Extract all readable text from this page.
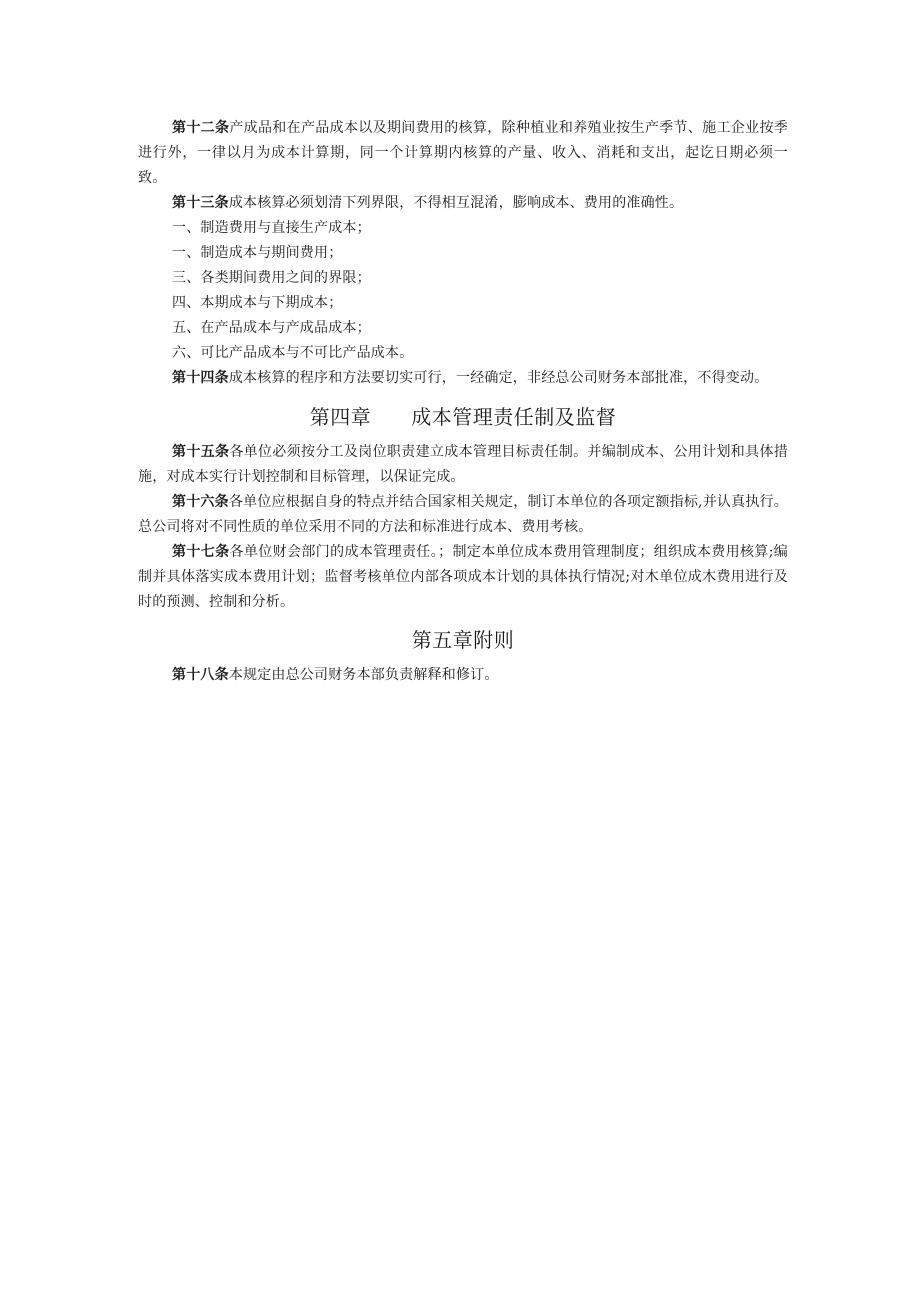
第十二条产成品和在产品成本以及期间费用的核算，除种植业和养殖业按生产季节、施工企业按季进行外，一律以月为成本计算期，同一个计算期内核算的产量、收入、消耗和支出，起讫日期必须一致。

第十三条成本核算必须划清下列界限，不得相互混淆，膨响成本、费用的准确性。

一、制造费用与直接生产成本；

一、制造成本与期间费用；

三、各类期间费用之间的界限；

四、本期成本与下期成本；

五、在产品成本与产成品成本；

六、可比产品成本与不可比产品成本。

第十四条成本核算的程序和方法要切实可行，一经确定，非经总公司财务本部批准，不得变动。

第四章 成本管理责任制及监督

第十五条各单位必须按分工及岗位职责建立成本管理目标责任制。并编制成本、公用计划和具体措施，对成本实行计划控制和目标管理，以保证完成。

第十六条各单位应根据自身的特点并结合国家相关规定，制订本单位的各项定额指标,并认真执行。总公司将对不同性质的单位采用不同的方法和标准进行成本、费用考核。

第十七条各单位财会部门的成本管理责任。；制定本单位成本费用管理制度；组织成本费用核算;编制并具体落实成本费用计划；监督考核单位内部各项成本计划的具体执行情况;对木单位成木费用进行及时的预测、控制和分析。

第五章附则

第十八条本规定由总公司财务本部负责解释和修订。
